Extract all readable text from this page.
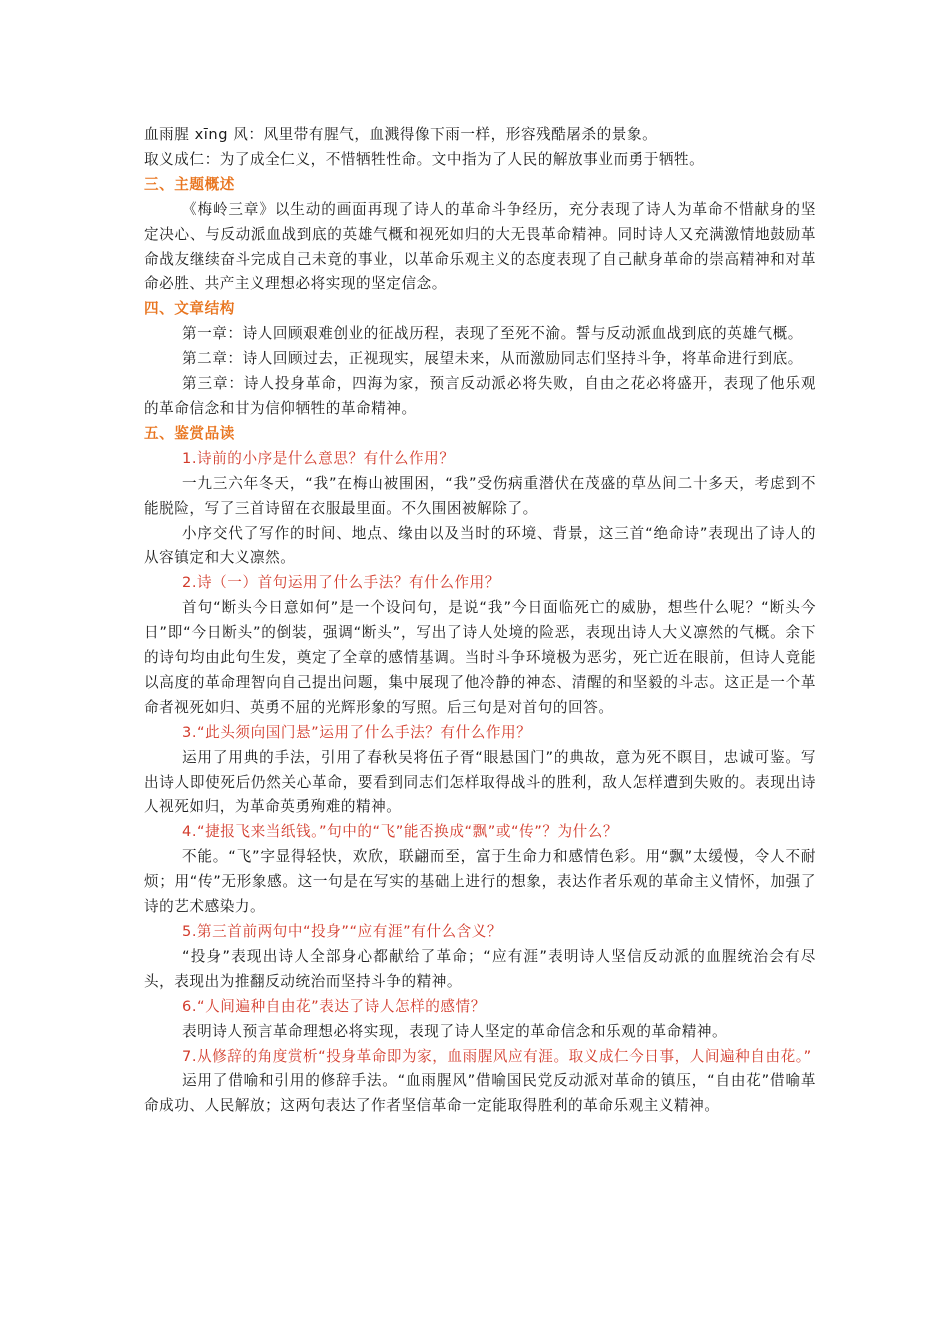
血雨腥 xīng 风：风里带有腥气，血溅得像下雨一样，形容残酷屠杀的景象。

取义成仁：为了成全仁义，不惜牺牲性命。文中指为了人民的解放事业而勇于牺牲。

三、主题概述

《梅岭三章》以生动的画面再现了诗人的革命斗争经历，充分表现了诗人为革命不惜献身的坚定决心、与反动派血战到底的英雄气概和视死如归的大无畏革命精神。同时诗人又充满激情地鼓励革命战友继续奋斗完成自己未竟的事业，以革命乐观主义的态度表现了自己献身革命的崇高精神和对革命必胜、共产主义理想必将实现的坚定信念。

四、文章结构

第一章：诗人回顾艰难创业的征战历程，表现了至死不渝。誓与反动派血战到底的英雄气概。

第二章：诗人回顾过去，正视现实，展望未来，从而激励同志们坚持斗争，将革命进行到底。

第三章：诗人投身革命，四海为家，预言反动派必将失败，自由之花必将盛开，表现了他乐观的革命信念和甘为信仰牺牲的革命精神。

五、鉴赏品读

1.诗前的小序是什么意思？有什么作用？

一九三六年冬天，“我”在梅山被围困，“我”受伤病重潜伏在茂盛的草丛间二十多天，考虑到不能脱险，写了三首诗留在衣服最里面。不久围困被解除了。

小序交代了写作的时间、地点、缘由以及当时的环境、背景，这三首“绝命诗”表现出了诗人的从容镇定和大义凛然。

2.诗（一）首句运用了什么手法？有什么作用？

首句“断头今日意如何”是一个设问句，是说“我”今日面临死亡的威胁，想些什么呢？“断头今日”即“今日断头”的倒装，强调“断头”，写出了诗人处境的险恶，表现出诗人大义凛然的气概。余下的诗句均由此句生发，奠定了全章的感情基调。当时斗争环境极为恶劣，死亡近在眼前，但诗人竟能以高度的革命理智向自己提出问题，集中展现了他冷静的神态、清醒的和坚毅的斗志。这正是一个革命者视死如归、英勇不屈的光辉形象的写照。后三句是对首句的回答。

3.“此头须向国门悬”运用了什么手法？有什么作用？

运用了用典的手法，引用了春秋吴将伍子胥“眼悬国门”的典故，意为死不瞑目，忠诚可鉴。写出诗人即使死后仍然关心革命，要看到同志们怎样取得战斗的胜利，敌人怎样遭到失败的。表现出诗人视死如归，为革命英勇殉难的精神。

4.“捷报飞来当纸钱。”句中的“飞”能否换成“飘”或“传”？为什么？

不能。“飞”字显得轻快，欢欣，联翩而至，富于生命力和感情色彩。用“飘”太缓慢，令人不耐烦；用“传”无形象感。这一句是在写实的基础上进行的想象，表达作者乐观的革命主义情怀，加强了诗的艺术感染力。

5.第三首前两句中“投身”“应有涯”有什么含义？

“投身”表现出诗人全部身心都献给了革命；“应有涯”表明诗人坚信反动派的血腥统治会有尽头，表现出为推翻反动统治而坚持斗争的精神。

6.“人间遍种自由花”表达了诗人怎样的感情？

表明诗人预言革命理想必将实现，表现了诗人坚定的革命信念和乐观的革命精神。

7.从修辞的角度赏析“投身革命即为家，血雨腥风应有涯。取义成仁今日事，人间遍种自由花。”

运用了借喻和引用的修辞手法。“血雨腥风”借喻国民党反动派对革命的镇压，“自由花”借喻革命成功、人民解放；这两句表达了作者坚信革命一定能取得胜利的革命乐观主义精神。
